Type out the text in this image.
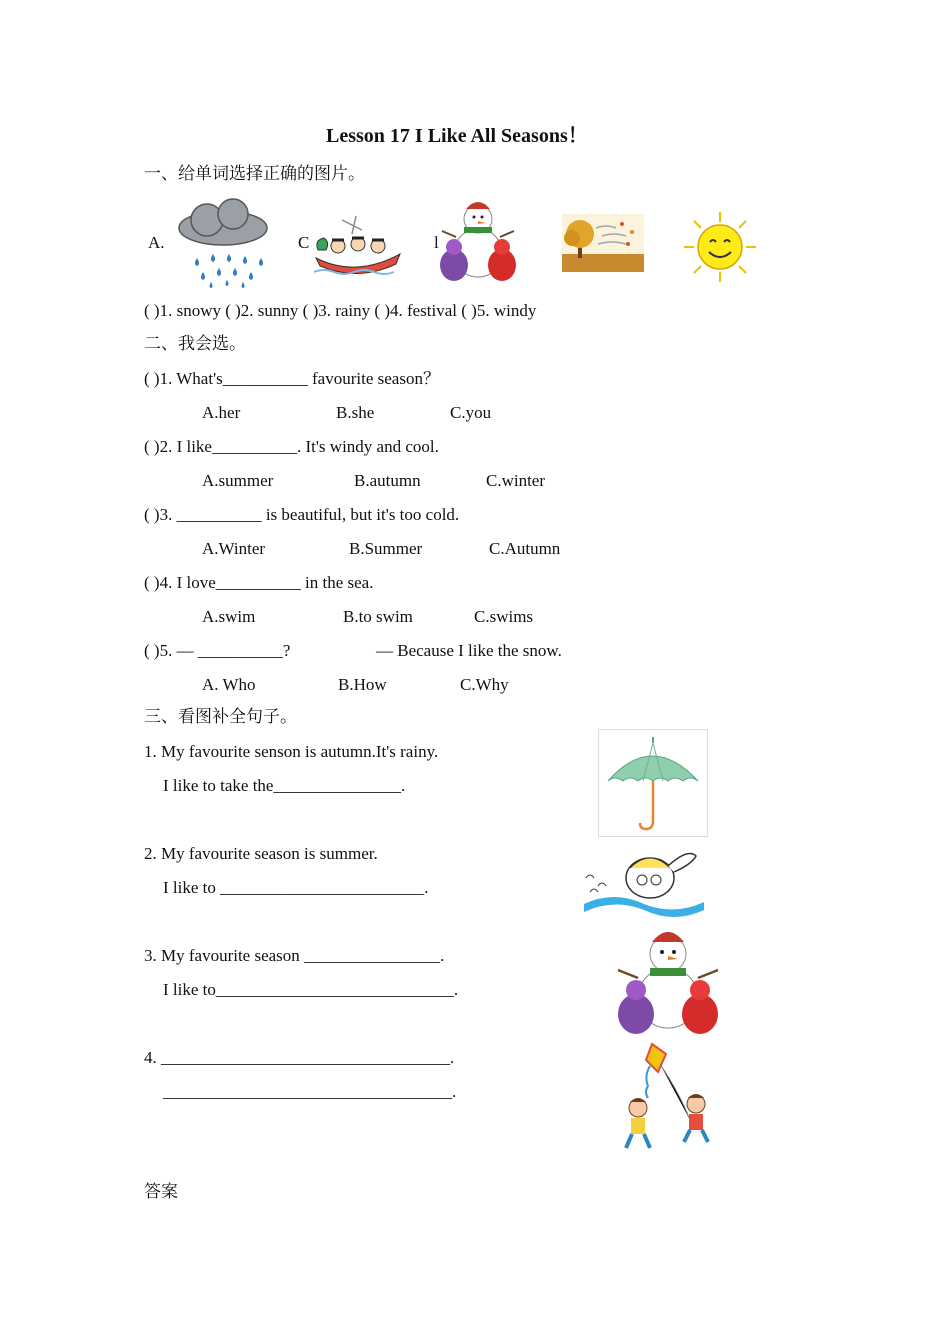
Lesson 17 I Like All Seasons！
一、给单词选择正确的图片。
A.	C	l
( )1. snowy ( )2. sunny ( )3. rainy ( )4. festival ( )5. windy
二、我会选。
( )1. What's__________ favourite season？
A.her	B.she	C.you
( )2. I like__________. It's windy and cool.
A.summer	B.autumn	C.winter
( )3. __________ is beautiful, but it's too cold.
A.Winter	B.Summer	C.Autumn
( )4. I love__________ in the sea.
A.swim	B.to swim	C.swims
( )5. — __________?	— Because I like the snow.
A. Who	B.How	C.Why
三、看图补全句子。
1. My favourite senson is autumn.It's rainy.
I like to take the_______________.
2. My favourite season is summer.
I like to ________________________.
3. My favourite season ________________.
I like to____________________________.
4. __________________________________.
__________________________________.
答案
